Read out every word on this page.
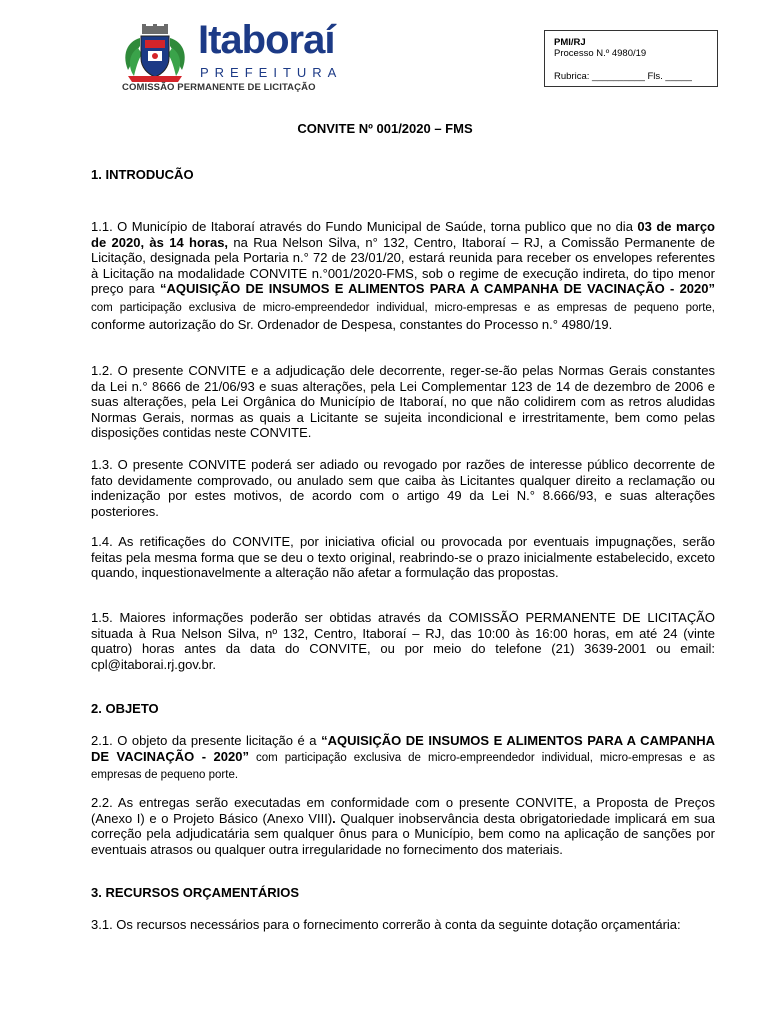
Itaboraí
PREFEITURA
COMISSÃO PERMANENTE DE LICITAÇÃO
PMI/RJ
Processo N.º 4980/19
Rubrica: __________ Fls. _____
CONVITE Nº 001/2020 – FMS
1. INTRODUCÃO
1.1. O Município de Itaboraí através do Fundo Municipal de Saúde, torna publico que no dia 03 de março de 2020, às 14 horas, na Rua Nelson Silva, n° 132, Centro, Itaboraí – RJ, a Comissão Permanente de Licitação, designada pela Portaria n.° 72 de 23/01/20, estará reunida para receber os envelopes referentes à Licitação na modalidade CONVITE n.°001/2020-FMS, sob o regime de execução indireta, do tipo menor preço para “AQUISIÇÃO DE INSUMOS E ALIMENTOS PARA A CAMPANHA DE VACINAÇÃO - 2020” com participação exclusiva de micro-empreendedor individual, micro-empresas e as empresas de pequeno porte, conforme autorização do Sr. Ordenador de Despesa, constantes do Processo n.° 4980/19.
1.2. O presente CONVITE e a adjudicação dele decorrente, reger-se-ão pelas Normas Gerais constantes da Lei n.° 8666 de 21/06/93 e suas alterações, pela Lei Complementar 123 de 14 de dezembro de 2006 e suas alterações, pela Lei Orgânica do Município de Itaboraí, no que não colidirem com as retros aludidas Normas Gerais, normas as quais a Licitante se sujeita incondicional e irrestritamente, bem como pelas disposições contidas neste CONVITE.
1.3. O presente CONVITE poderá ser adiado ou revogado por razões de interesse público decorrente de fato devidamente comprovado, ou anulado sem que caiba às Licitantes qualquer direito a reclamação ou indenização por estes motivos, de acordo com o artigo 49 da Lei N.° 8.666/93, e suas alterações posteriores.
1.4. As retificações do CONVITE, por iniciativa oficial ou provocada por eventuais impugnações, serão feitas pela mesma forma que se deu o texto original, reabrindo-se o prazo inicialmente estabelecido, exceto quando, inquestionavelmente a alteração não afetar a formulação das propostas.
1.5. Maiores informações poderão ser obtidas através da COMISSÃO PERMANENTE DE LICITAÇÃO situada à Rua Nelson Silva, nº 132, Centro, Itaboraí – RJ, das 10:00 às 16:00 horas, em até 24 (vinte quatro) horas antes da data do CONVITE, ou por meio do telefone (21) 3639-2001 ou email: cpl@itaborai.rj.gov.br.
2. OBJETO
2.1. O objeto da presente licitação é a “AQUISIÇÃO DE INSUMOS E ALIMENTOS PARA A CAMPANHA DE VACINAÇÃO - 2020” com participação exclusiva de micro-empreendedor individual, micro-empresas e as empresas de pequeno porte.
2.2. As entregas serão executadas em conformidade com o presente CONVITE, a Proposta de Preços (Anexo I) e o Projeto Básico (Anexo VIII). Qualquer inobservância desta obrigatoriedade implicará em sua correção pela adjudicatária sem qualquer ônus para o Município, bem como na aplicação de sanções por eventuais atrasos ou qualquer outra irregularidade no fornecimento dos materiais.
3. RECURSOS ORÇAMENTÁRIOS
3.1. Os recursos necessários para o fornecimento correrão à conta da seguinte dotação orçamentária:
